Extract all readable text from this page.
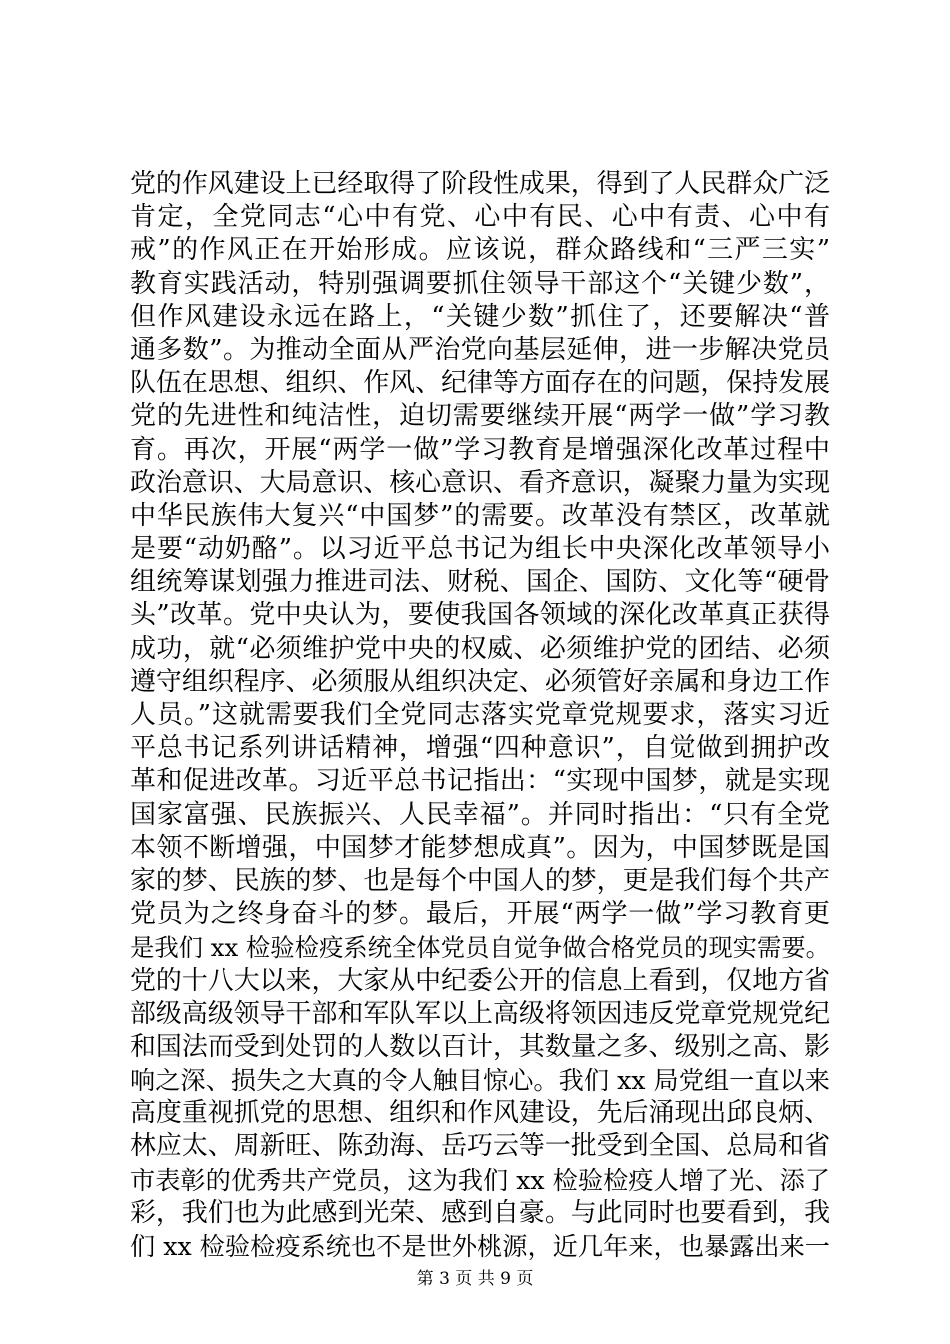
党的作风建设上已经取得了阶段性成果，得到了人民群众广泛
肯定，全党同志“心中有党、心中有民、心中有责、心中有
戒”的作风正在开始形成。应该说，群众路线和“三严三实”
教育实践活动，特别强调要抓住领导干部这个“关键少数”，
但作风建设永远在路上，“关键少数”抓住了，还要解决“普
通多数”。为推动全面从严治党向基层延伸，进一步解决党员
队伍在思想、组织、作风、纪律等方面存在的问题，保持发展
党的先进性和纯洁性，迫切需要继续开展“两学一做”学习教
育。再次，开展“两学一做”学习教育是增强深化改革过程中
政治意识、大局意识、核心意识、看齐意识，凝聚力量为实现
中华民族伟大复兴“中国梦”的需要。改革没有禁区，改革就
是要“动奶酪”。以习近平总书记为组长中央深化改革领导小
组统筹谋划强力推进司法、财税、国企、国防、文化等“硬骨
头”改革。党中央认为，要使我国各领域的深化改革真正获得
成功，就“必须维护党中央的权威、必须维护党的团结、必须
遵守组织程序、必须服从组织决定、必须管好亲属和身边工作
人员。”这就需要我们全党同志落实党章党规要求，落实习近
平总书记系列讲话精神，增强“四种意识”，自觉做到拥护改
革和促进改革。习近平总书记指出：“实现中国梦，就是实现
国家富强、民族振兴、人民幸福”。并同时指出：“只有全党
本领不断增强，中国梦才能梦想成真”。因为，中国梦既是国
家的梦、民族的梦、也是每个中国人的梦，更是我们每个共产
党员为之终身奋斗的梦。最后，开展“两学一做”学习教育更
是我们 xx 检验检疫系统全体党员自觉争做合格党员的现实需要。
党的十八大以来，大家从中纪委公开的信息上看到，仅地方省
部级高级领导干部和军队军以上高级将领因违反党章党规党纪
和国法而受到处罚的人数以百计，其数量之多、级别之高、影
响之深、损失之大真的令人触目惊心。我们 xx 局党组一直以来
高度重视抓党的思想、组织和作风建设，先后涌现出邱良炳、
林应太、周新旺、陈劲海、岳巧云等一批受到全国、总局和省
市表彰的优秀共产党员，这为我们 xx 检验检疫人增了光、添了
彩，我们也为此感到光荣、感到自豪。与此同时也要看到，我
们 xx 检验检疫系统也不是世外桃源，近几年来，也暴露出来一
第 3 页 共 9 页
